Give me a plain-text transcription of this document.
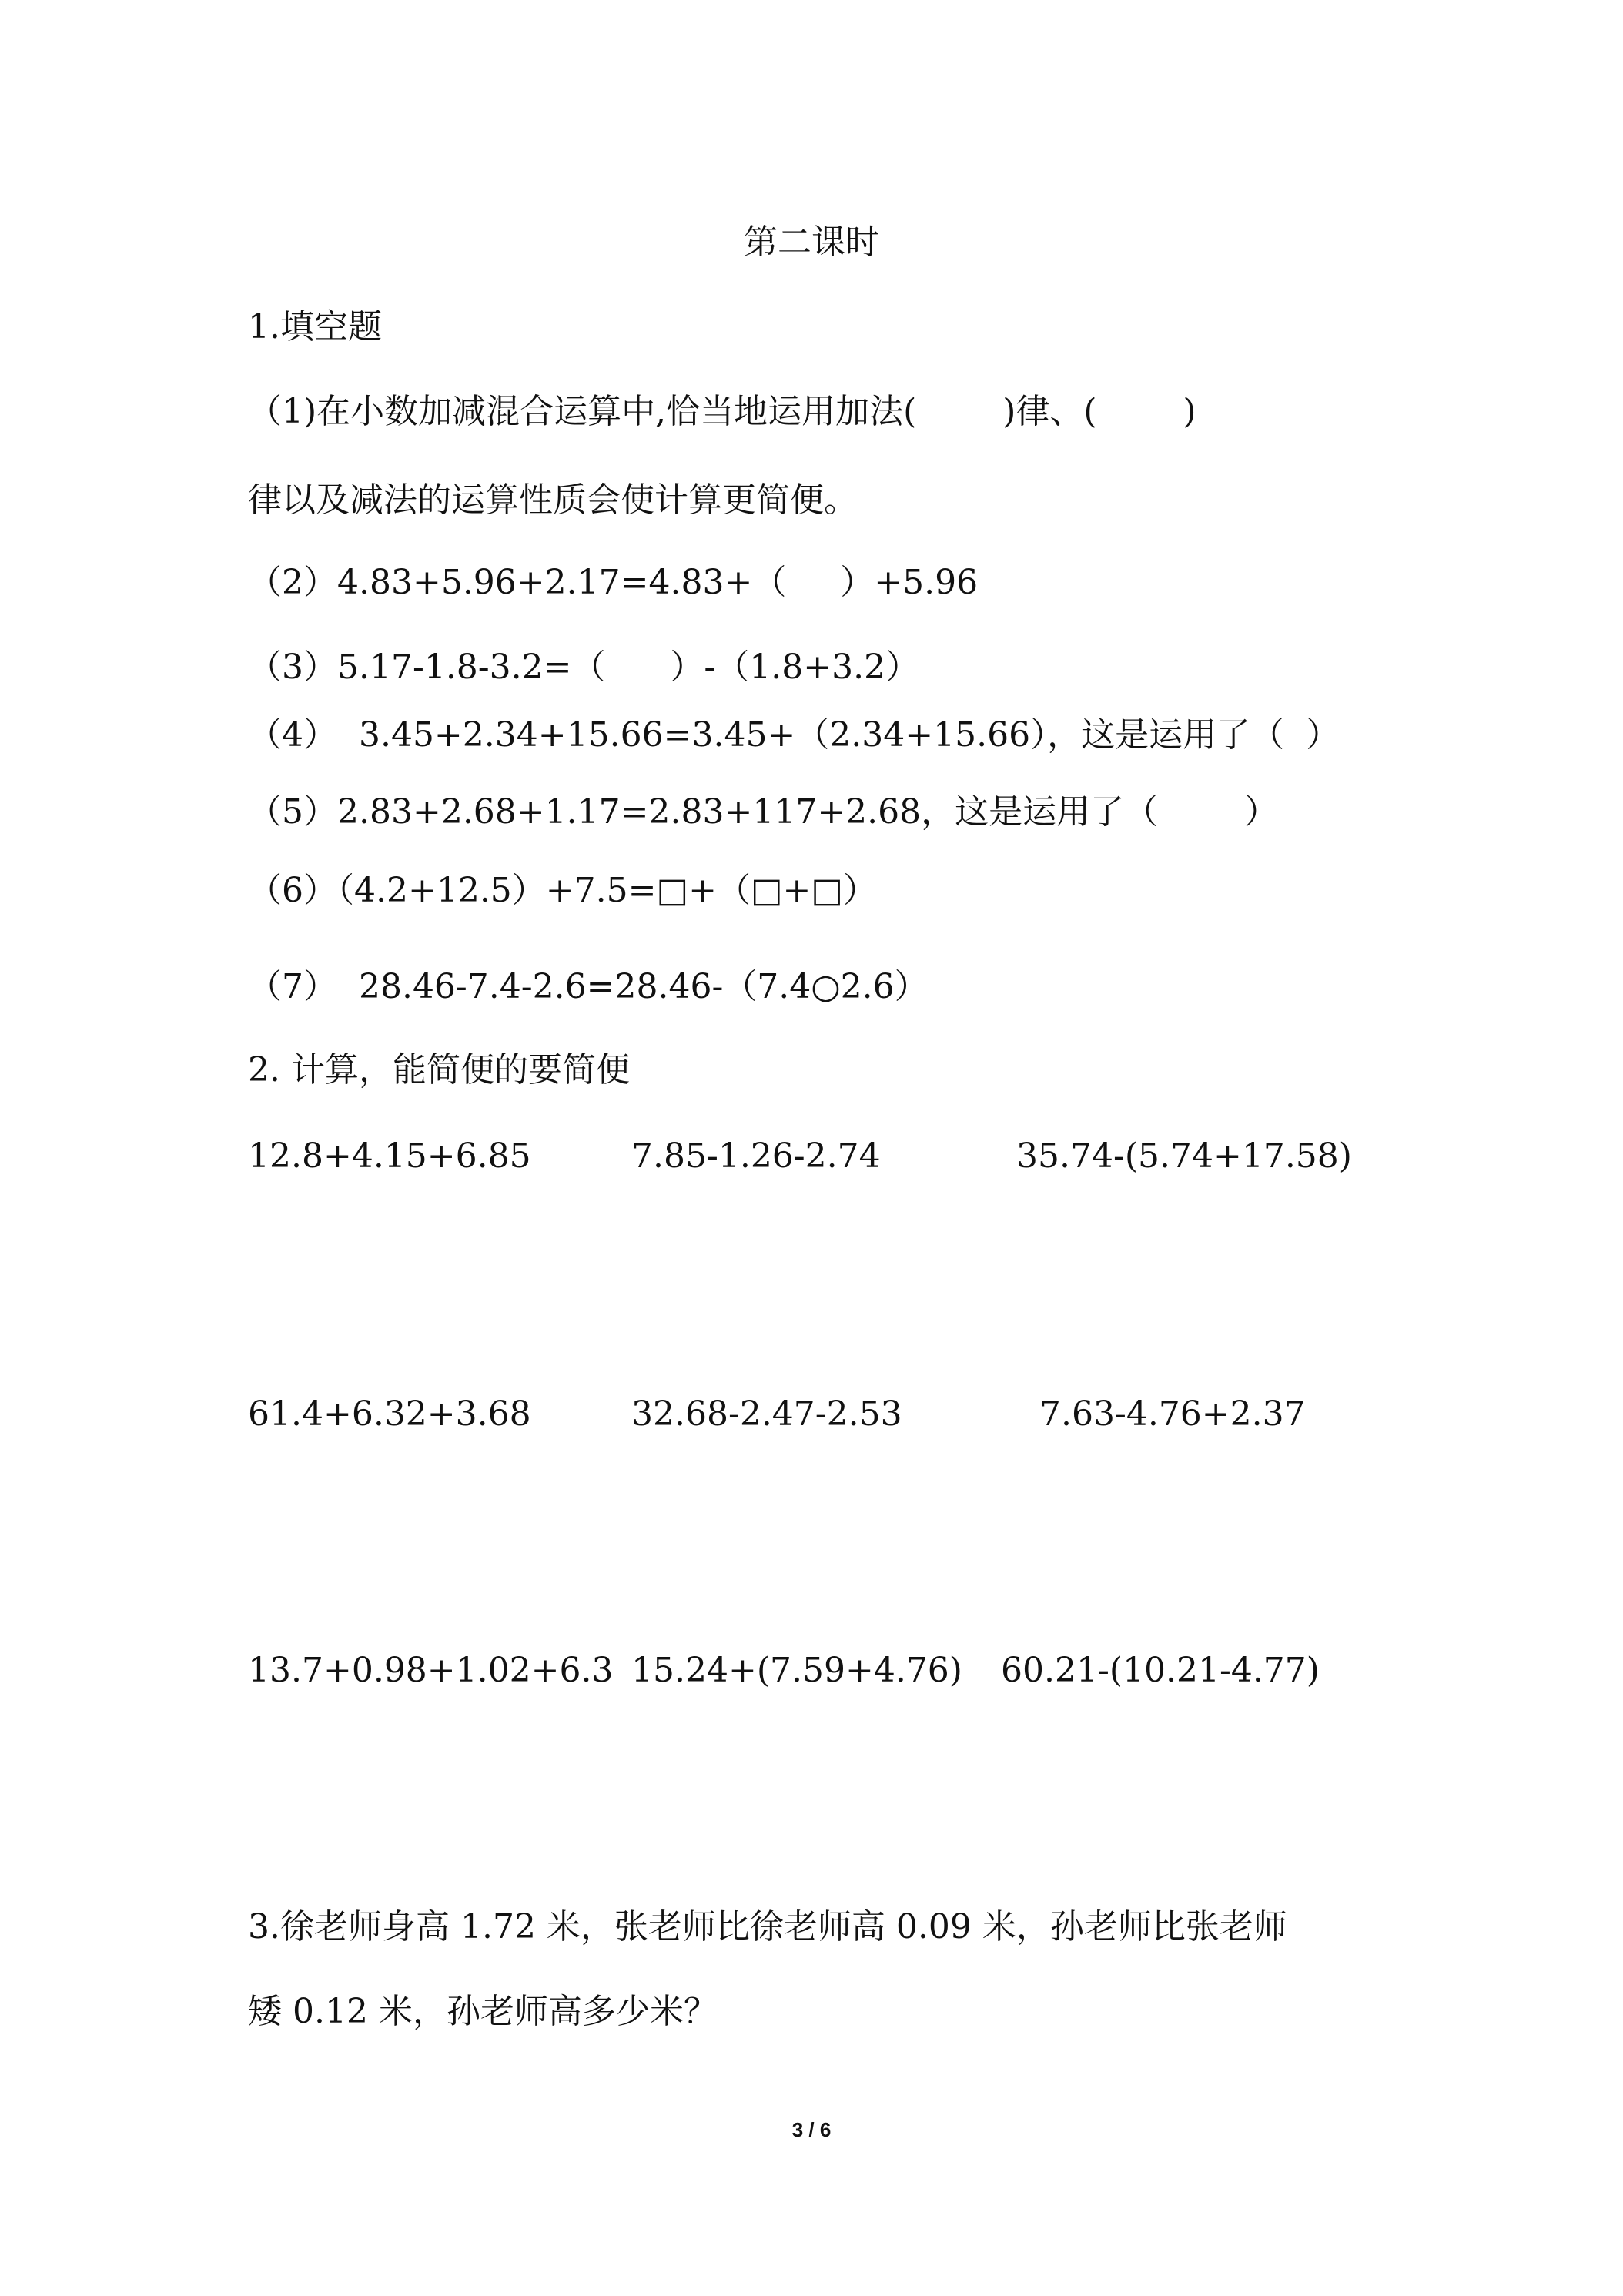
第二课时
1.填空题
（1)在小数加减混合运算中,恰当地运用加法(        )律、(        )
律以及减法的运算性质会使计算更简便。
（2）4.83+5.96+2.17=4.83+（     ）+5.96
（3）5.17-1.8-3.2=（      ）-（1.8+3.2）
（4）  3.45+2.34+15.66=3.45+（2.34+15.66），这是运用了（  ）
（5）2.83+2.68+1.17=2.83+117+2.68，这是运用了（        ）
（6）（4.2+12.5）+7.5=□+（□+□）
（7）  28.46-7.4-2.6=28.46-（7.4○2.6）
2. 计算，能简便的要简便
12.8+4.15+6.85	7.85-1.26-2.74	35.74-(5.74+17.58)
61.4+6.32+3.68	32.68-2.47-2.53	7.63-4.76+2.37
13.7+0.98+1.02+6.3 15.24+(7.59+4.76) 60.21-(10.21-4.77)
3.徐老师身高 1.72 米，张老师比徐老师高 0.09 米，孙老师比张老师
矮 0.12 米，孙老师高多少米？
3 / 6
